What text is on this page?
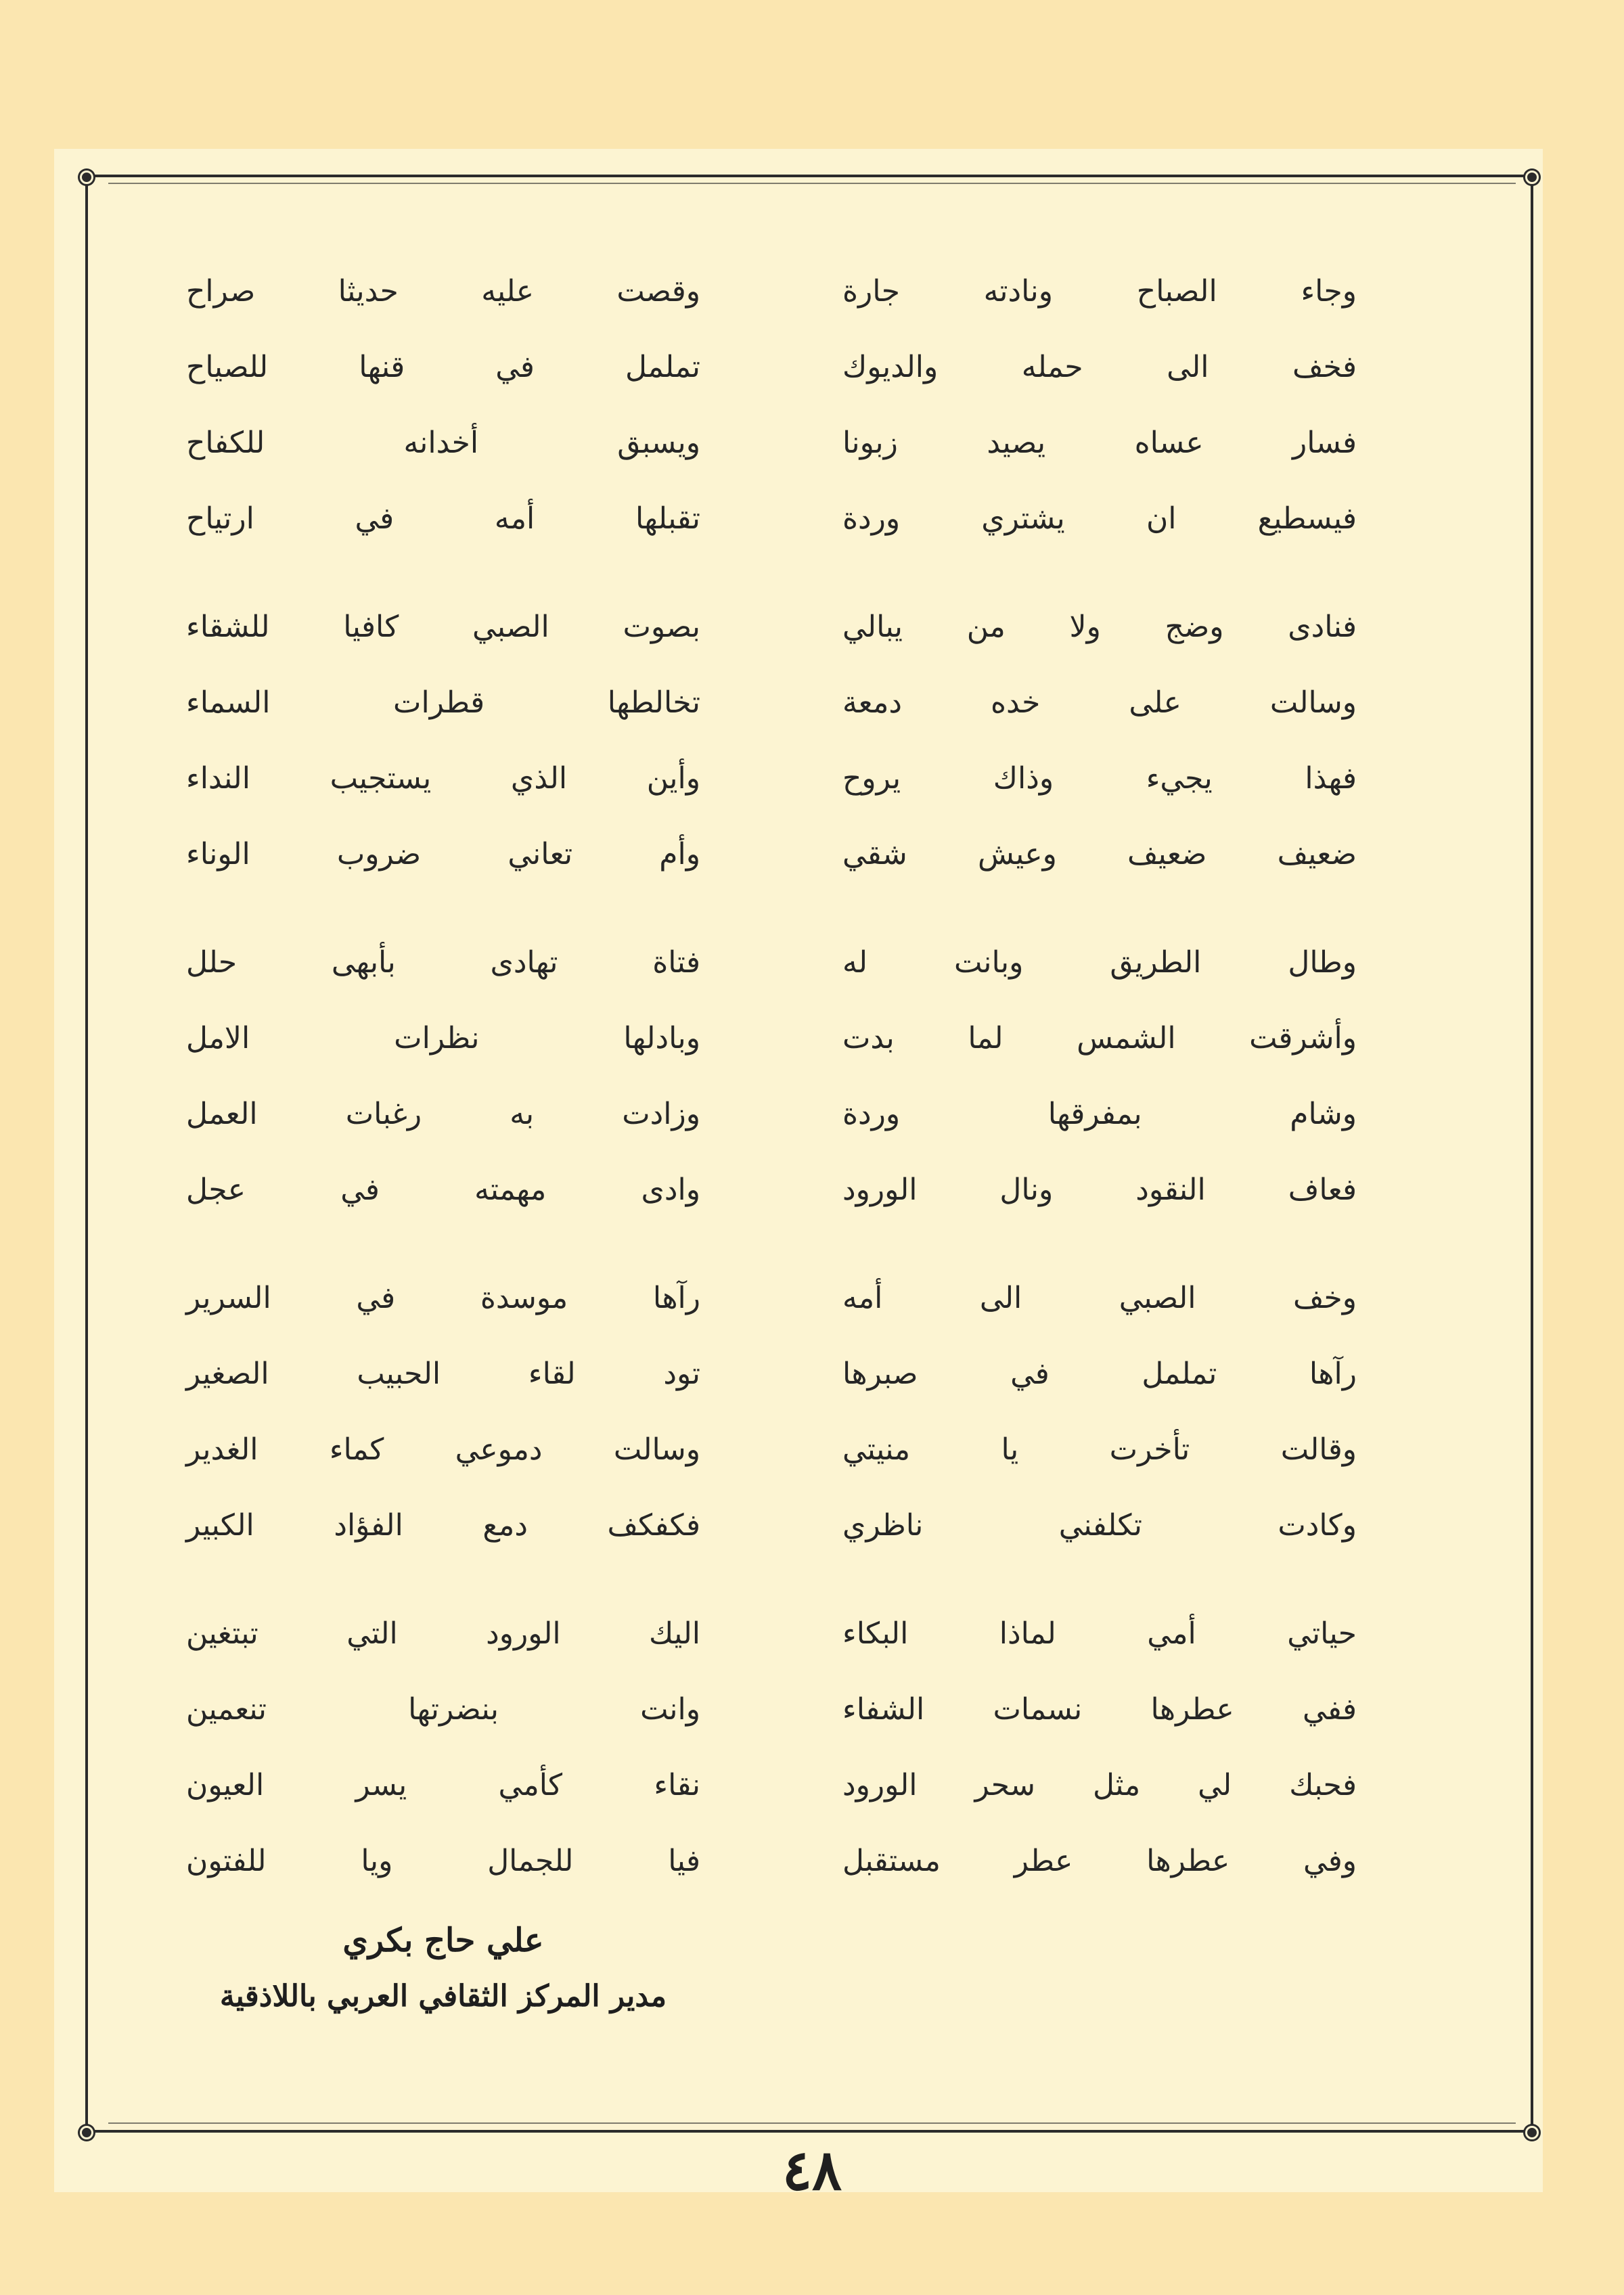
وجاء الصباح ونادته جارة
فخف الى حمله والديوك
فسار عساه يصيد زبونا
فيسطيع ان يشتري وردة
فنادى وضج ولا من يبالي
وسالت على خده دمعة
فهذا يجيء وذاك يروح
ضعيف ضعيف وعيش شقي
وطال الطريق وبانت له
وأشرقت الشمس لما بدت
وشام بمفرقها وردة
فعاف النقود ونال الورود
وخف الصبي الى أمه
رآها تململ في صبرها
وقالت تأخرت يا منيتي
وكادت تكلفني ناظري
حياتي أمي لماذا البكاء
ففي عطرها نسمات الشفاء
فحبك لي مثل سحر الورود
وفي عطرها عطر مستقبل
وقصت عليه حديثا صراح
تململ في قنها للصياح
ويسبق أخدانه للكفاح
تقبلها أمه في ارتياح
بصوت الصبي كافيا للشقاء
تخالطها قطرات السماء
وأين الذي يستجيب النداء
وأم تعاني ضروب الوناء
فتاة تهادى بأبهى حلل
وبادلها نظرات الامل
وزادت به رغبات العمل
وادى مهمته في عجل
رآها موسدة في السرير
تود لقاء الحبيب الصغير
وسالت دموعي كماء الغدير
فكفكف دمع الفؤاد الكبير
اليك الورود التي تبتغين
وانت بنضرتها تنعمين
نقاء كأمي يسر العيون
فيا للجمال ويا للفتون
علي حاج بكري
مدير المركز الثقافي العربي باللاذقية
٤٨
